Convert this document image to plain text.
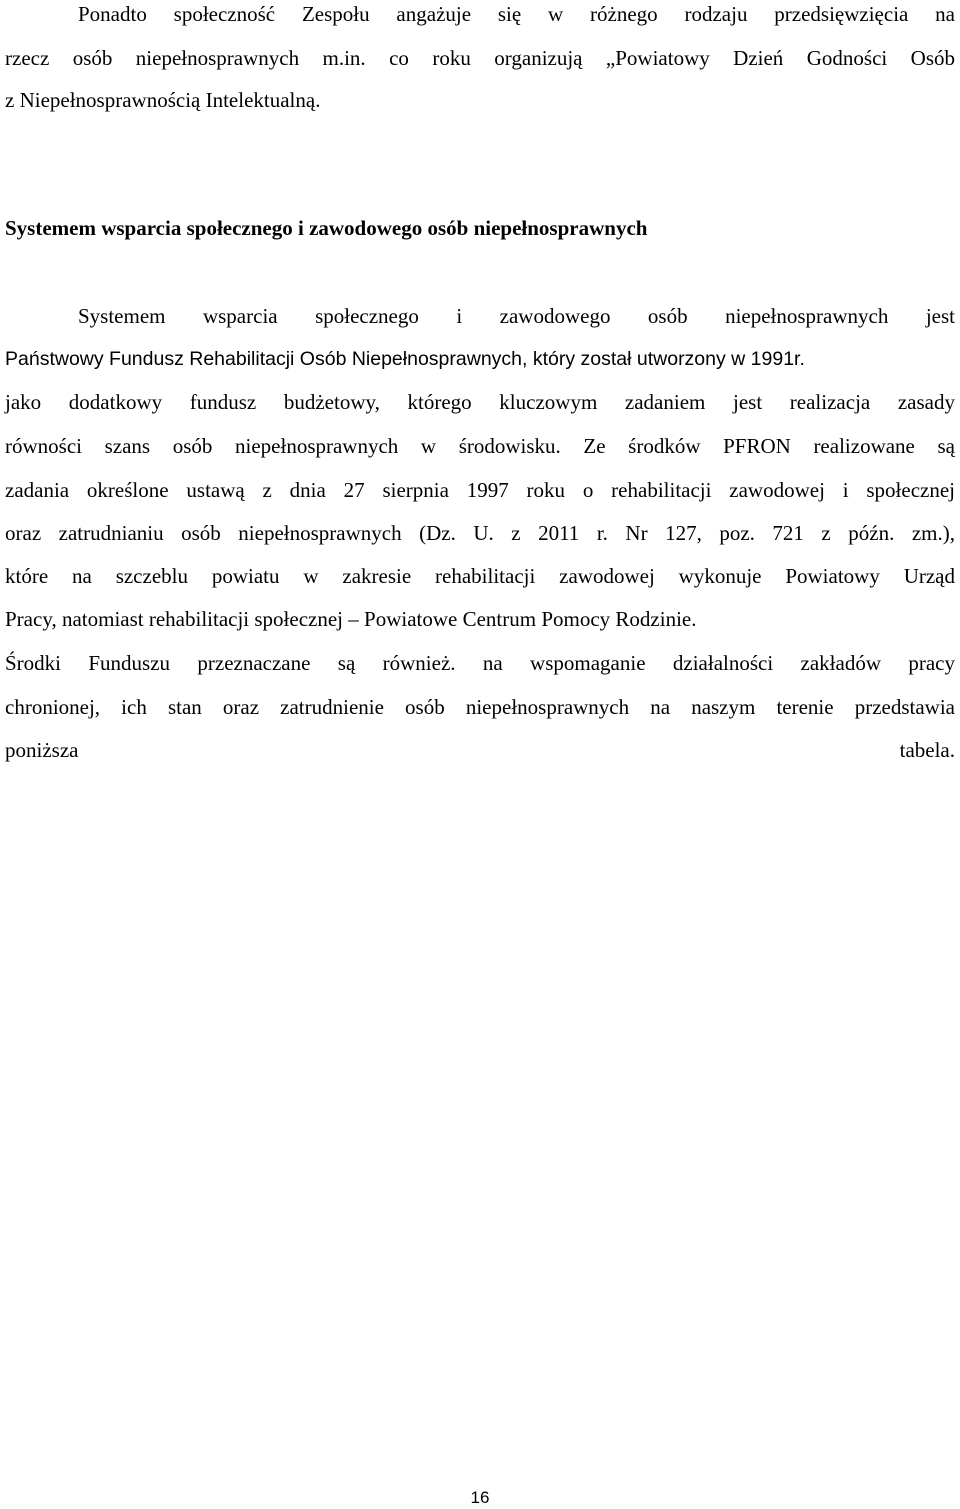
Ponadto społeczność Zespołu angażuje się w różnego rodzaju przedsięwzięcia na

rzecz osób niepełnosprawnych m.in. co roku organizują „Powiatowy Dzień Godności Osób

z Niepełnosprawnością Intelektualną.

Systemem wsparcia społecznego i zawodowego osób niepełnosprawnych

Systemem wsparcia społecznego i zawodowego osób niepełnosprawnych jest

Państwowy Fundusz Rehabilitacji Osób Niepełnosprawnych, który został utworzony w 1991r.

jako dodatkowy fundusz budżetowy, którego kluczowym zadaniem jest realizacja zasady

równości szans osób niepełnosprawnych w środowisku. Ze środków PFRON realizowane są

zadania określone ustawą z dnia 27 sierpnia 1997 roku o rehabilitacji zawodowej i społecznej

oraz zatrudnianiu osób niepełnosprawnych (Dz. U. z 2011 r. Nr 127, poz. 721 z późn. zm.),

które na szczeblu powiatu w zakresie rehabilitacji zawodowej wykonuje Powiatowy Urząd

Pracy, natomiast rehabilitacji społecznej – Powiatowe Centrum Pomocy Rodzinie.

Środki Funduszu przeznaczane są również. na wspomaganie działalności zakładów pracy

chronionej, ich stan oraz zatrudnienie osób niepełnosprawnych na naszym terenie przedstawia

poniższa tabela.

16
